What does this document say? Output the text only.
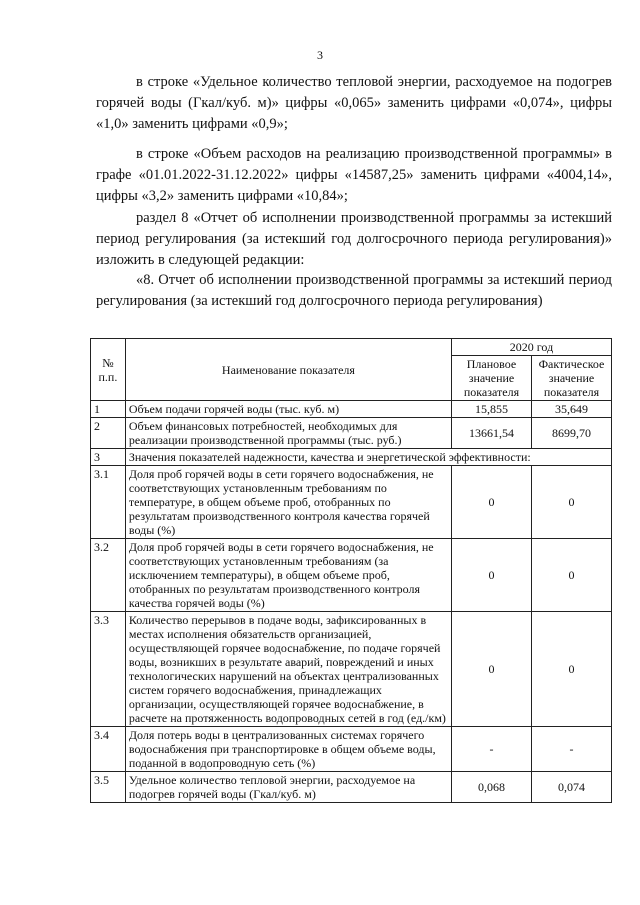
3

в строке «Удельное количество тепловой энергии, расходуемое на подогрев горячей воды (Гкал/куб. м)» цифры «0,065» заменить цифрами «0,074», цифры «1,0» заменить цифрами «0,9»;

в строке «Объем расходов на реализацию производственной программы» в графе «01.01.2022-31.12.2022» цифры «14587,25» заменить цифрами «4004,14», цифры «3,2» заменить цифрами «10,84»;

раздел 8 «Отчет об исполнении производственной программы за истекший период регулирования (за истекший год долгосрочного периода регулирования)» изложить в следующей редакции:

«8. Отчет об исполнении производственной программы за истекший период регулирования (за истекший год долгосрочного периода регулирования)

№ п.п.	Наименование показателя	2020 год	
		Плановое значение показателя	Фактическое значение показателя
1	Объем подачи горячей воды (тыс. куб. м)	15,855	35,649
2	Объем финансовых потребностей, необходимых для реализации производственной программы (тыс. руб.)	13661,54	8699,70
3	Значения показателей надежности, качества и энергетической эффективности:		
3.1	Доля проб горячей воды в сети горячего водоснабжения, не соответствующих установленным требованиям по температуре, в общем объеме проб, отобранных по результатам производственного контроля качества горячей воды (%)	0	0
3.2	Доля проб горячей воды в сети горячего водоснабжения, не соответствующих установленным требованиям (за исключением температуры), в общем объеме проб, отобранных по результатам производственного контроля качества горячей воды (%)	0	0
3.3	Количество перерывов в подаче воды, зафиксированных в местах исполнения обязательств организацией, осуществляющей горячее водоснабжение, по подаче горячей воды, возникших в результате аварий, повреждений и иных технологических нарушений на объектах централизованных систем горячего водоснабжения, принадлежащих организации, осуществляющей горячее водоснабжение, в расчете на протяженность водопроводных сетей в год (ед./км)	0	0
3.4	Доля потерь воды в централизованных системах горячего водоснабжения при транспортировке в общем объеме воды, поданной в водопроводную сеть (%)	-	-
3.5	Удельное количество тепловой энергии, расходуемое на подогрев горячей воды (Гкал/куб. м)	0,068	0,074
